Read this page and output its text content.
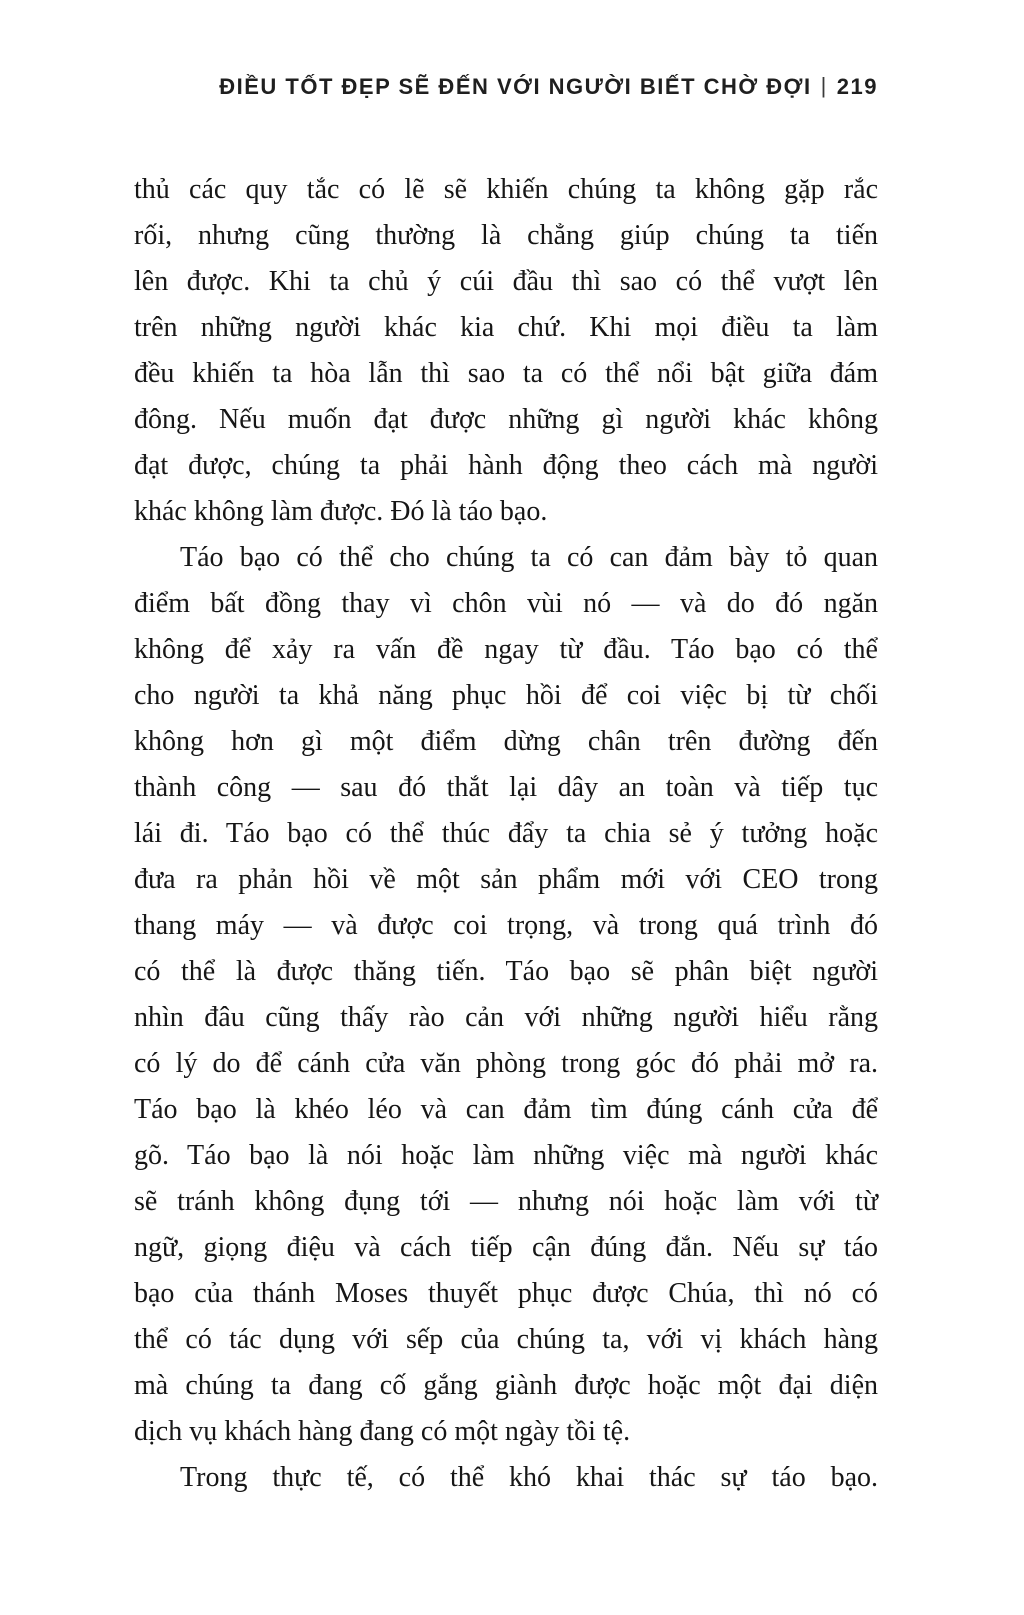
ĐIỀU TỐT ĐẸP SẼ ĐẾN VỚI NGƯỜI BIẾT CHỜ ĐỢI | 219
thủ các quy tắc có lẽ sẽ khiến chúng ta không gặp rắc
rối, nhưng cũng thường là chẳng giúp chúng ta tiến
lên được. Khi ta chủ ý cúi đầu thì sao có thể vượt lên
trên những người khác kia chứ. Khi mọi điều ta làm
đều khiến ta hòa lẫn thì sao ta có thể nổi bật giữa đám
đông. Nếu muốn đạt được những gì người khác không
đạt được, chúng ta phải hành động theo cách mà người
khác không làm được. Đó là táo bạo.
Táo bạo có thể cho chúng ta có can đảm bày tỏ quan
điểm bất đồng thay vì chôn vùi nó — và do đó ngăn
không để xảy ra vấn đề ngay từ đầu. Táo bạo có thể
cho người ta khả năng phục hồi để coi việc bị từ chối
không hơn gì một điểm dừng chân trên đường đến
thành công — sau đó thắt lại dây an toàn và tiếp tục
lái đi. Táo bạo có thể thúc đẩy ta chia sẻ ý tưởng hoặc
đưa ra phản hồi về một sản phẩm mới với CEO trong
thang máy — và được coi trọng, và trong quá trình đó
có thể là được thăng tiến. Táo bạo sẽ phân biệt người
nhìn đâu cũng thấy rào cản với những người hiểu rằng
có lý do để cánh cửa văn phòng trong góc đó phải mở ra.
Táo bạo là khéo léo và can đảm tìm đúng cánh cửa để
gõ. Táo bạo là nói hoặc làm những việc mà người khác
sẽ tránh không đụng tới — nhưng nói hoặc làm với từ
ngữ, giọng điệu và cách tiếp cận đúng đắn. Nếu sự táo
bạo của thánh Moses thuyết phục được Chúa, thì nó có
thể có tác dụng với sếp của chúng ta, với vị khách hàng
mà chúng ta đang cố gắng giành được hoặc một đại diện
dịch vụ khách hàng đang có một ngày tồi tệ.
Trong thực tế, có thể khó khai thác sự táo bạo.
